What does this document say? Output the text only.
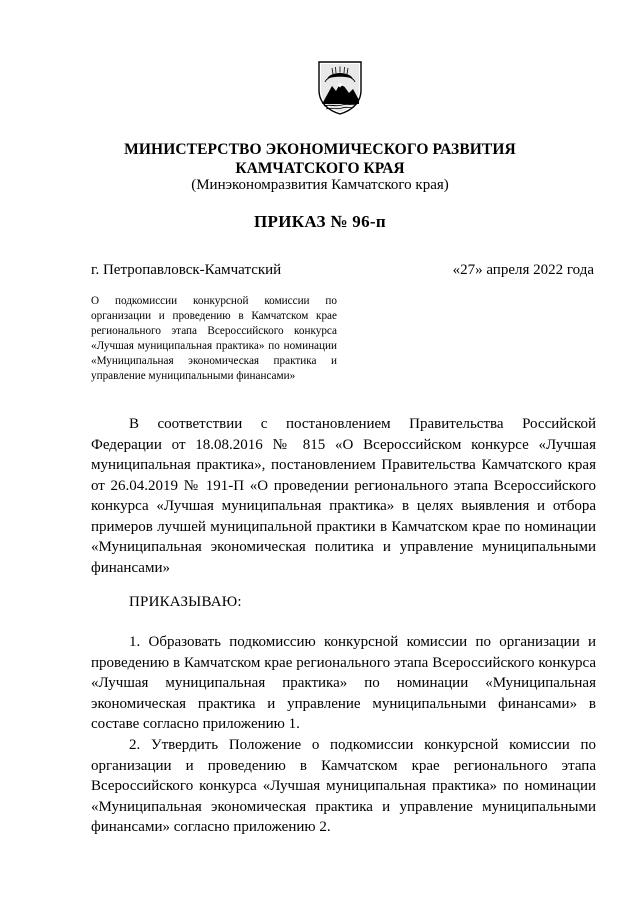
МИНИСТЕРСТВО ЭКОНОМИЧЕСКОГО РАЗВИТИЯ
КАМЧАТСКОГО КРАЯ
(Минэкономразвития Камчатского края)
ПРИКАЗ № 96-п
г. Петропавловск-Камчатский	«27» апреля 2022 года
О подкомиссии конкурсной комиссии по организации и проведению в Камчатском крае регионального этапа Всероссийского конкурса «Лучшая муниципальная практика» по номинации «Муниципальная экономическая практика и управление муниципальными финансами»
В соответствии с постановлением Правительства Российской Федерации от 18.08.2016 № 815 «О Всероссийском конкурсе «Лучшая муниципальная практика», постановлением Правительства Камчатского края от 26.04.2019 № 191-П «О проведении регионального этапа Всероссийского конкурса «Лучшая муниципальная практика» в целях выявления и отбора примеров лучшей муниципальной практики в Камчатском крае по номинации «Муниципальная экономическая политика и управление муниципальными финансами»
ПРИКАЗЫВАЮ:
1. Образовать подкомиссию конкурсной комиссии по организации и проведению в Камчатском крае регионального этапа Всероссийского конкурса «Лучшая муниципальная практика» по номинации «Муниципальная экономическая практика и управление муниципальными финансами» в составе согласно приложению 1.
2. Утвердить Положение о подкомиссии конкурсной комиссии по организации и проведению в Камчатском крае регионального этапа Всероссийского конкурса «Лучшая муниципальная практика» по номинации «Муниципальная экономическая практика и управление муниципальными финансами» согласно приложению 2.
